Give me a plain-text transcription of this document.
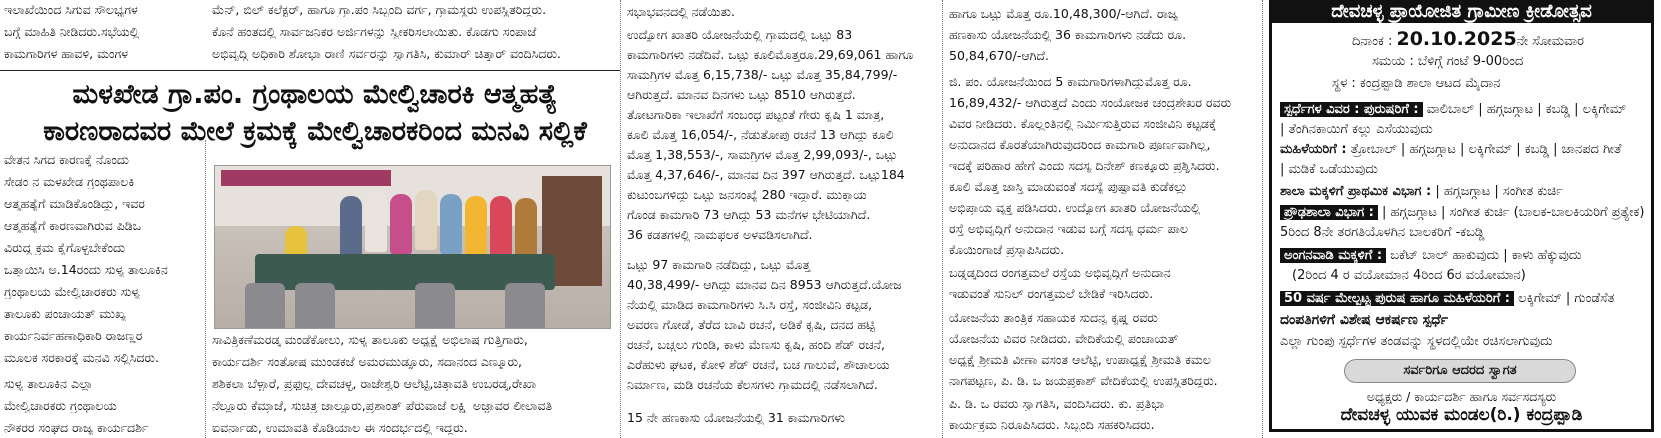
ಇಲಾಖೆಯಿಂದ ಸಿಗುವ ಸೌಲಭ್ಯಗಳ
ಬಗ್ಗೆ ಮಾಹಿತಿ ನೀಡಿದರು.ಸಭೆಯಲ್ಲಿ
ಕಾಮಗಾರಿಗಳ ಹಾವಳಿ, ಮಂಗಳ
ಮೆನ್, ಬಿಲ್ ಕಲೆಕ್ಟರ್, ಹಾಗೂ ಗ್ರಾ.ಪಂ ಸಿಬ್ಬಂದಿ ವರ್ಗ, ಗ್ರಾಮಸ್ಥರು ಉಪಸ್ಥಿತರಿದ್ದರು.
ಕೊನೆ ಹಂತದಲ್ಲಿ ಸಾರ್ವಜನಿಕರ ಅರ್ಜಿಗಳನ್ನು ಸ್ವೀಕರಿಸಲಾಯಿತು. ಕೊಡಗು ಸಂಪಾಜೆ
ಅಭಿವೃದ್ಧಿ ಅಧಿಕಾರಿ ಶೋಭಾ ರಾಣಿ ಸರ್ವರನ್ನು ಸ್ವಾಗತಿಸಿ, ಕುಮಾರ್ ಚಿತ್ಕಾರ್ ವಂದಿಸಿದರು.
ಮಳಖೇಡ ಗ್ರಾ.ಪಂ. ಗ್ರಂಥಾಲಯ ಮೇಲ್ವಿಚಾರಕಿ ಆತ್ಮಹತ್ಯೆ
ಕಾರಣರಾದವರ ಮೇಲೆ ಕ್ರಮಕ್ಕೆ ಮೇಲ್ವಿಚಾರಕರಿಂದ ಮನವಿ ಸಲ್ಲಿಕೆ
ವೇತನ ಸಿಗದ ಕಾರಣಕ್ಕೆ ನೊಂದು
ಸೇಡಂ ನ ಮಳಖೇಡ ಗ್ರಂಥಪಾಲಕಿ
ಆತ್ಮಹತ್ಯೆಗೆ ಮಾಡಿಕೊಂಡಿದ್ದು, ಇವರ
ಆತ್ಮಹತ್ಯೆಗೆ ಕಾರಣವಾಗಿರುವ ಪಿಡಿಒ
ವಿರುದ್ಧ ಕ್ರಮ ಕೈಗೊಳ್ಳಬೇಕೆಂದು
ಒತ್ತಾಯಿಸಿ ಅ.14ರಂದು ಸುಳ್ಯ ತಾಲೂಕಿನ
ಗ್ರಂಥಾಲಯ ಮೇಲ್ವಿಚಾರಕರು ಸುಳ್ಯ
ತಾಲೂಕು ಪಂಚಾಯತ್ ಮುಖ್ಯ
ಕಾರ್ಯನಿರ್ವಹಣಾಧಿಕಾರಿ ರಾಜಣ್ಣರ
ಮೂಲಕ ಸರಕಾರಕ್ಕೆ ಮನವಿ ಸಲ್ಲಿಸಿದರು.
ಸುಳ್ಯ ತಾಲೂಕಿನ ಎಲ್ಲಾ
ಮೇಲ್ವಿಚಾರಕರು ಗ್ರಂಥಾಲಯ
ನೌಕರರ ಸಂಘದ ರಾಜ್ಯ ಕಾರ್ಯದರ್ಶಿ
ಸಾವಿತ್ರಿಕಣೆಮರಡ್ಕ ಮಂಡೆಕೋಲು, ಸುಳ್ಯ ತಾಲೂಕು ಅಧ್ಯಕ್ಷೆ ಅಭಿಲಾಷ ಗುತ್ತಿಗಾರು,
ಕಾರ್ಯದರ್ಶಿ ಸಂತೋಷ ಮುಂಡಕಜೆ ಅಮರಮುಡ್ನೂರು, ಸದಾನಂದ ಎಣ್ಮೂರು,
ಶಶಿಕಲಾ ಬೆಳ್ಳಾರೆ, ಪ್ರಫುಲ್ಲ ದೇವಚಳ್ಳ, ರಾಜೇಶ್ವರಿ ಆಲೆಟ್ಟಿ,ಚಿತ್ರಾವತಿ ಉಬರಡ್ಕ,ರೇಖಾ
ನೆಲ್ಲೂರು ಕೆಮ್ರಾಜೆ, ಸುಚಿತ್ರ ಜಾಲ್ಸೂರು,ಪ್ರಶಾಂತ್ ಪೆರುವಾಜೆ ಲಕ್ಷ್ಮಿ ಅಜ್ಜಾವರ ಲೀಲಾವತಿ
ಐವರ್ನಾಡು, ಉಮಾವತಿ ಕೊಡಿಯಾಲ ಈ ಸಂದರ್ಭದಲ್ಲಿ ಇದ್ದರು.
ಸಭಾಭವನದಲ್ಲಿ ನಡೆಯಿತು.
ಉದ್ಯೋಗ ಖಾತರಿ ಯೋಜನೆಯಲ್ಲಿ ಗ್ರಾಮದಲ್ಲಿ ಒಟ್ಟು 83
ಕಾಮಗಾರಿಗಳು ನಡೆದಿವೆ. ಒಟ್ಟು ಕೂಲಿಮೊತ್ತರೂ.29,69,061 ಹಾಗೂ
ಸಾಮಗ್ರಿಗಳ ಮೊತ್ತ 6,15,738/- ಒಟ್ಟು ಮೊತ್ತ 35,84,799/-
ಆಗಿರುತ್ತದೆ. ಮಾನವ ದಿನಗಳು ಒಟ್ಟು 8510 ಆಗಿರುತ್ತದೆ.
ತೋಟಗಾರಿಕಾ ಇಲಾಖೆಗೆ ಸಂಬಂಧ ಪಟ್ಟಂತೆ ಗೇರು ಕೃಷಿ 1 ಮಾತ್ರ,
ಕೂಲಿ ಮೊತ್ತ 16,054/-, ನೆಡುತೋಪು ರಚನೆ 13 ಆಗಿದ್ದು ಕೂಲಿ
ಮೊತ್ತ 1,38,553/-, ಸಾಮಗ್ರಿಗಳ ಮೊತ್ತ 2,99,093/-, ಒಟ್ಟು
ಮೊತ್ತ 4,37,646/-, ಮಾನವ ದಿನ 397 ಆಗಿರುತ್ತದೆ. ಒಟ್ಟು184
ಕುಟುಂಬಗಳಿದ್ದು ಒಟ್ಟು ಜನಸಂಖ್ಯೆ 280 ಇದ್ದಾರೆ. ಮುಕ್ತಾಯ
ಗೊಂಡ ಕಾಮಗಾರಿ 73 ಆಗಿದ್ದು 53 ಮನೆಗಳ ಭೇಟಿಯಾಗಿದೆ.
36 ಕಡತಗಳಲ್ಲಿ ನಾಮಫಲಕ ಅಳವಡಿಸಲಾಗಿದೆ.
ಒಟ್ಟು 97 ಕಾಮಗಾರಿ ನಡೆದಿದ್ದು, ಒಟ್ಟು ಮೊತ್ತ
40,38,499/- ಆಗಿದ್ದು ಮಾನವ ದಿನ 8953 ಆಗಿರುತ್ತದೆ.ಯೋಜ
ನೆಯಲ್ಲಿ ಮಾಡಿದ ಕಾಮಗಾರಿಗಳು ಸಿ.ಸಿ ರಸ್ತೆ, ಸಂಜೀವಿನಿ ಕಟ್ಟಡ,
ಅವರಣ ಗೋಡೆ, ತೆರೆದ ಬಾವಿ ರಚನೆ, ಅಡಿಕೆ ಕೃಷಿ, ದನದ ಹಟ್ಟಿ
ರಚನೆ, ಬಚ್ಚಲು ಗುಂಡಿ, ಕಾಳು ಮೆಣಸು ಕೃಷಿ, ಹಂದಿ ಶೆಡ್ ರಚನೆ,
ಎರೆಹುಳು ಘಟಕ, ಕೋಳಿ ಶೆಡ್ ರಚನೆ, ಬಚ ಗಾಲುವೆ, ಶೌಚಾಲಯ
ನಿರ್ಮಾಣ, ಮಡಿ ರಚನೆಯ ಕೆಲಸಗಳು ಗ್ರಾಮದಲ್ಲಿ ನಡೆಸಲಾಗಿದೆ.
15 ನೇ ಹಣಕಾಸು ಯೋಜನೆಯಲ್ಲಿ 31 ಕಾಮಗಾರಿಗಳು
ಹಾಗೂ ಒಟ್ಟು ಮೊತ್ತ ರೂ.10,48,300/-ಆಗಿದೆ. ರಾಜ್ಯ
ಹಣಕಾಸು ಯೋಜನೆಯಲ್ಲಿ 36 ಕಾಮಗಾರಿಗಳು ನಡೆದು ರೂ.
50,84,670/-ಆಗಿದೆ.
ಜಿ. ಪಂ. ಯೋಜನೆಯಿಂದ 5 ಕಾಮಗಾರಿಗಳಾಗಿದ್ದುಮೊತ್ತ ರೂ.
16,89,432/- ಆಗಿರುತ್ತದೆ ಎಂದು ಸಂಯೋಜಕ ಚಂದ್ರಶೇಖರ ರವರು
ವಿವರ ನೀಡಿದರು. ಕೊಲ್ಲಂತಿನಲ್ಲಿ ನಿರ್ಮಿಸುತ್ತಿರುವ ಸಂಜೀವಿನಿ ಕಟ್ಟಡಕ್ಕೆ
ಅನುದಾನದ ಕೊರತೆಯಾಗಿರುವುದರಿಂದ ಕಾಮಗಾರಿ ಪೂರ್ಣವಾಗಿಲ್ಲ,
ಇದಕ್ಕೆ ಪರಿಹಾರ ಹೇಗೆ ಎಂದು ಸದಸ್ಯ ದಿನೇಶ್ ಕಣಕ್ಕೂರು ಪ್ರಶ್ನಿಸಿದರು.
ಕೂಲಿ ಮೊತ್ತ ಜಾಸ್ತಿ ಮಾಡುವಂತೆ ಸದಸ್ಯೆ ಪುಷ್ಪಾವತಿ ಕುಡೆಕಲ್ಲು
ಅಭಿಪ್ರಾಯ ವ್ಯಕ್ತ ಪಡಿಸಿದರು. ಉದ್ಯೋಗ ಖಾತರಿ ಯೋಜನೆಯಲ್ಲಿ
ರಸ್ತೆ ಅಭಿವೃದ್ಧಿಗೆ ಅನುದಾನ ಇಡುವ ಬಗ್ಗೆ ಸದಸ್ಯ ಧರ್ಮ ಪಾಲ
ಕೊಯಿಂಗಾಜೆ ಪ್ರಸ್ತಾಪಿಸಿದರು.
ಬಡ್ಡಡ್ಕದಿಂದ ರಂಗತ್ತಮಲೆ ರಸ್ತೆಯ ಅಭಿವೃದ್ಧಿಗೆ ಅನುದಾನ
ಇಡುವಂತೆ ಸುನಿಲ್ ರಂಗತ್ತಮಲೆ ಬೇಡಿಕೆ ಇರಿಸಿದರು.
ಯೋಜನೆಯ ತಾಂತ್ರಿಕ ಸಹಾಯಕ ಸುದನ್ವ ಕೃಷ್ಣ ರವರು
ಯೋಜನೆಯ ವಿವರ ನೀಡಿದರು. ವೇದಿಕೆಯಲ್ಲಿ ಪಂಚಾಯತ್
ಅಧ್ಯಕ್ಷೆ ಶ್ರೀಮತಿ ವೀಣಾ ವಸಂತ ಆಲೆಟ್ಟಿ, ಉಪಾಧ್ಯಕ್ಷೆ ಶ್ರೀಮತಿ ಕಮಲ
ನಾಗಪಟ್ಟಣ, ಪಿ. ಡಿ. ಒ ಜಯಪ್ರಕಾಶ್ ವೇದಿಕೆಯಲ್ಲಿ ಉಪಸ್ಥಿತರಿದ್ದರು.
ಪಿ. ಡಿ. ಒ ರವರು ಸ್ವಾಗತಿಸಿ, ವಂದಿಸಿದರು. ಕು. ಪ್ರತಿಭಾ
ಕಾರ್ಯಕ್ರಮ ನಿರೂಪಿಸಿದರು. ಸಿಬ್ಬಂದಿ ಸಹಕರಿಸಿದರು.
ದೇವಚಳ್ಳ ಪ್ರಾಯೋಜಿತ ಗ್ರಾಮೀಣ ಕ್ರೀಡೋತ್ಸವ
ದಿನಾಂಕ : 20.10.2025ನೇ ಸೋಮವಾರ
ಸಮಯ : ಬೆಳಿಗ್ಗೆ ಗಂಟೆ 9-00ರಿಂದ
ಸ್ಥಳ : ಕಂದ್ರಪ್ಪಾಡಿ ಶಾಲಾ ಆಟದ ಮೈದಾನ
ಸ್ಪರ್ಧೆಗಳ ವಿವರ : ಪುರುಷರಿಗೆ : ವಾಲಿಬಾಲ್ | ಹಗ್ಗಜಗ್ಗಾಟ | ಕಬಡ್ಡಿ | ಲಕ್ಕಿಗೇಮ್
| ತೆಂಗಿನಕಾಯಿಗೆ ಕಲ್ಲು ಎಸೆಯುವುದು
ಮಹಿಳೆಯರಿಗೆ : ತ್ರೋಬಾಲ್ | ಹಗ್ಗಜಗ್ಗಾಟ | ಲಕ್ಕಿಗೇಮ್ | ಕಬಡ್ಡಿ | ಜಾನಪದ ಗೀತೆ
| ಮಡಿಕೆ ಒಡೆಯುವುದು
ಶಾಲಾ ಮಕ್ಕಳಿಗೆ ಪ್ರಾಥಮಿಕ ವಿಭಾಗ : | ಹಗ್ಗಜಗ್ಗಾಟ | ಸಂಗೀತ ಕುರ್ಚಿ
ಪ್ರೌಢಶಾಲಾ ವಿಭಾಗ : | ಹಗ್ಗಜಗ್ಗಾಟ | ಸಂಗೀತ ಕುರ್ಚಿ (ಬಾಲಕ-ಬಾಲಕಿಯರಿಗೆ ಪ್ರತ್ಯೇಕ)
5ರಿಂದ 8ನೇ ತರಗತಿಯೊಳಗಿನ ಬಾಲಕರಿಗೆ -ಕಬಡ್ಡಿ
ಅಂಗನವಾಡಿ ಮಕ್ಕಳಿಗೆ : ಬಕೆಟ್ ಬಾಲ್ ಹಾಕುವುದು | ಕಾಳು ಹೆಕ್ಕುವುದು
(2ರಿಂದ 4 ರ ವಯೋಮಾನ 4ರಿಂದ 6ರ ವಯೋಮಾನ)
50 ವರ್ಷ ಮೇಲ್ಪಟ್ಟ ಪುರುಷ ಹಾಗೂ ಮಹಿಳೆಯರಿಗೆ : ಲಕ್ಕಿಗೇಮ್ | ಗುಂಡೆಸೆತ
ದಂಪತಿಗಳಿಗೆ ವಿಶೇಷ ಆಕರ್ಷಣ ಸ್ಪರ್ಧೆ
ಎಲ್ಲಾ ಗುಂಪು ಸ್ಪರ್ಧೆಗಳ ತಂಡವನ್ನು ಸ್ಥಳದಲ್ಲಿಯೇ ರಚಿಸಲಾಗುವುದು
ಸರ್ವರಿಗೂ ಆದರದ ಸ್ವಾಗತ
ಅಧ್ಯಕ್ಷರು / ಕಾರ್ಯದರ್ಶಿ ಹಾಗೂ ಸರ್ವಸದಸ್ಯರು
ದೇವಚಳ್ಳ ಯುವಕ ಮಂಡಲ(ರಿ.) ಕಂದ್ರಪ್ಪಾಡಿ
